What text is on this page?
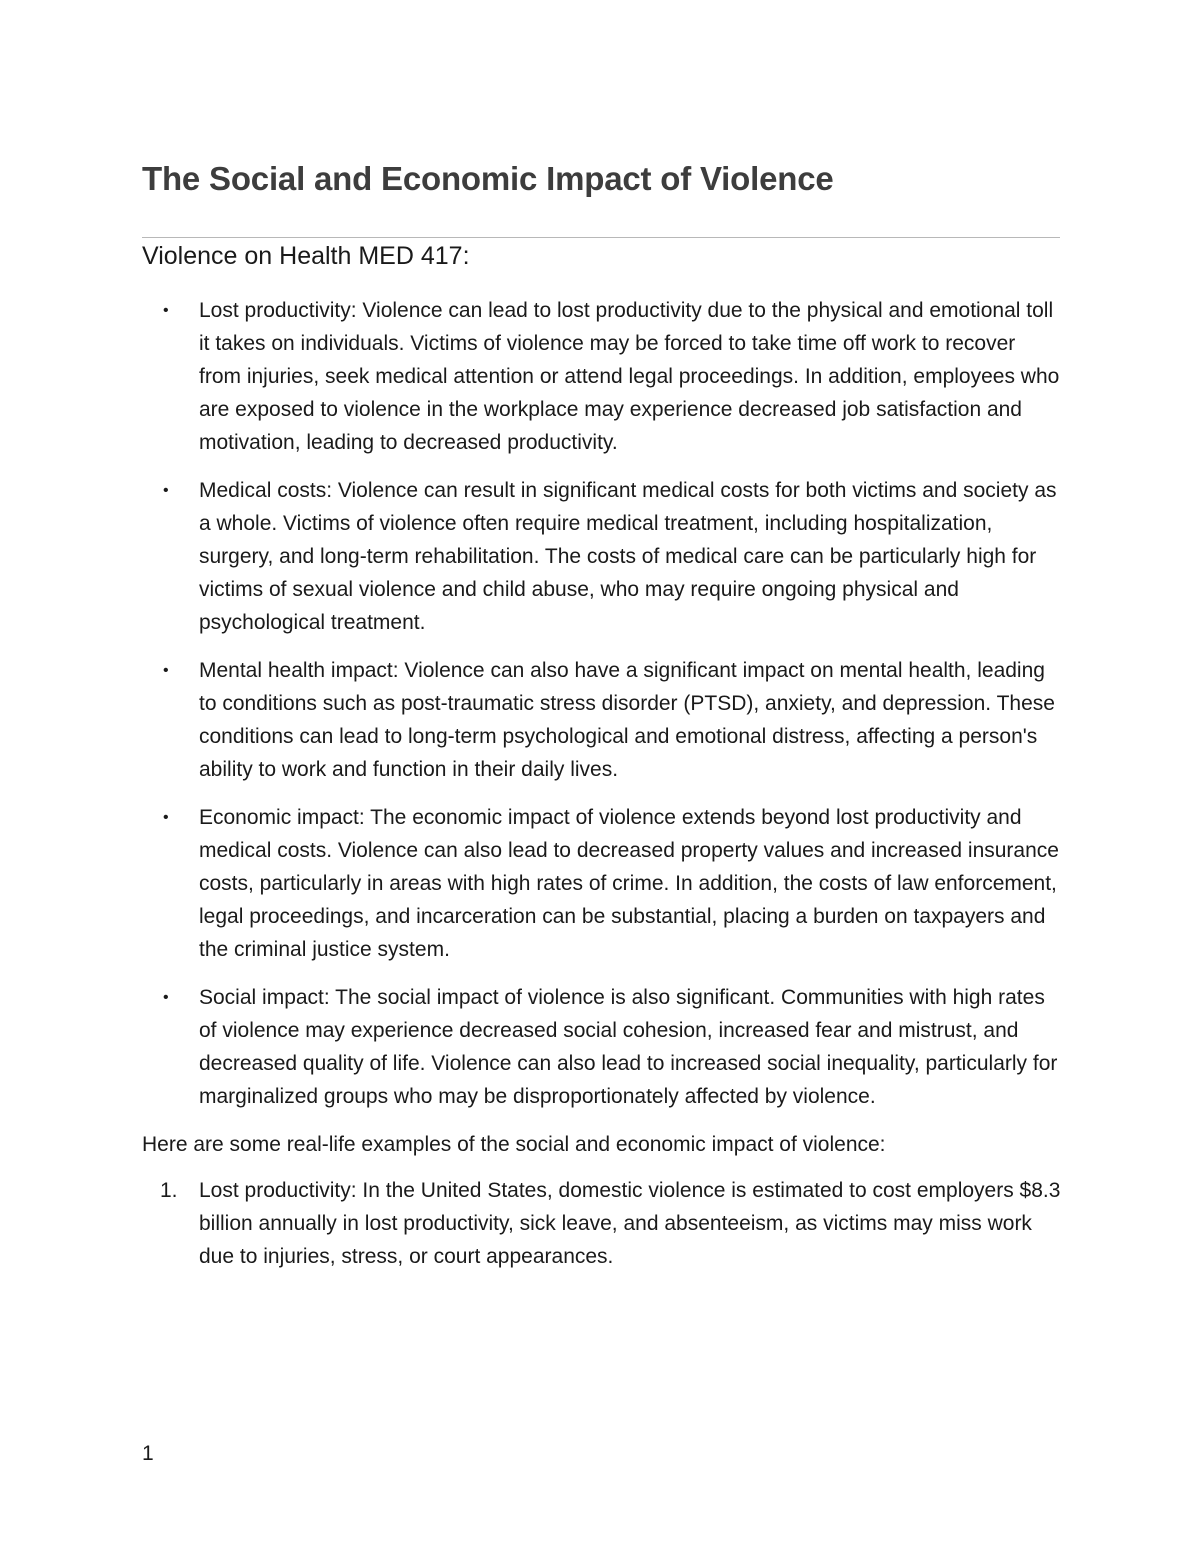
The Social and Economic Impact of Violence
Violence on Health MED 417:
•	Lost productivity: Violence can lead to lost productivity due to the physical and emotional toll it takes on individuals. Victims of violence may be forced to take time off work to recover from injuries, seek medical attention or attend legal proceedings. In addition, employees who are exposed to violence in the workplace may experience decreased job satisfaction and motivation, leading to decreased productivity.
•	Medical costs: Violence can result in significant medical costs for both victims and society as a whole. Victims of violence often require medical treatment, including hospitalization, surgery, and long-term rehabilitation. The costs of medical care can be particularly high for victims of sexual violence and child abuse, who may require ongoing physical and psychological treatment.
•	Mental health impact: Violence can also have a significant impact on mental health, leading to conditions such as post-traumatic stress disorder (PTSD), anxiety, and depression. These conditions can lead to long-term psychological and emotional distress, affecting a person's ability to work and function in their daily lives.
•	Economic impact: The economic impact of violence extends beyond lost productivity and medical costs. Violence can also lead to decreased property values and increased insurance costs, particularly in areas with high rates of crime. In addition, the costs of law enforcement, legal proceedings, and incarceration can be substantial, placing a burden on taxpayers and the criminal justice system.
•	Social impact: The social impact of violence is also significant. Communities with high rates of violence may experience decreased social cohesion, increased fear and mistrust, and decreased quality of life. Violence can also lead to increased social inequality, particularly for marginalized groups who may be disproportionately affected by violence.

Here are some real-life examples of the social and economic impact of violence:

1. Lost productivity: In the United States, domestic violence is estimated to cost employers $8.3 billion annually in lost productivity, sick leave, and absenteeism, as victims may miss work due to injuries, stress, or court appearances.
1
